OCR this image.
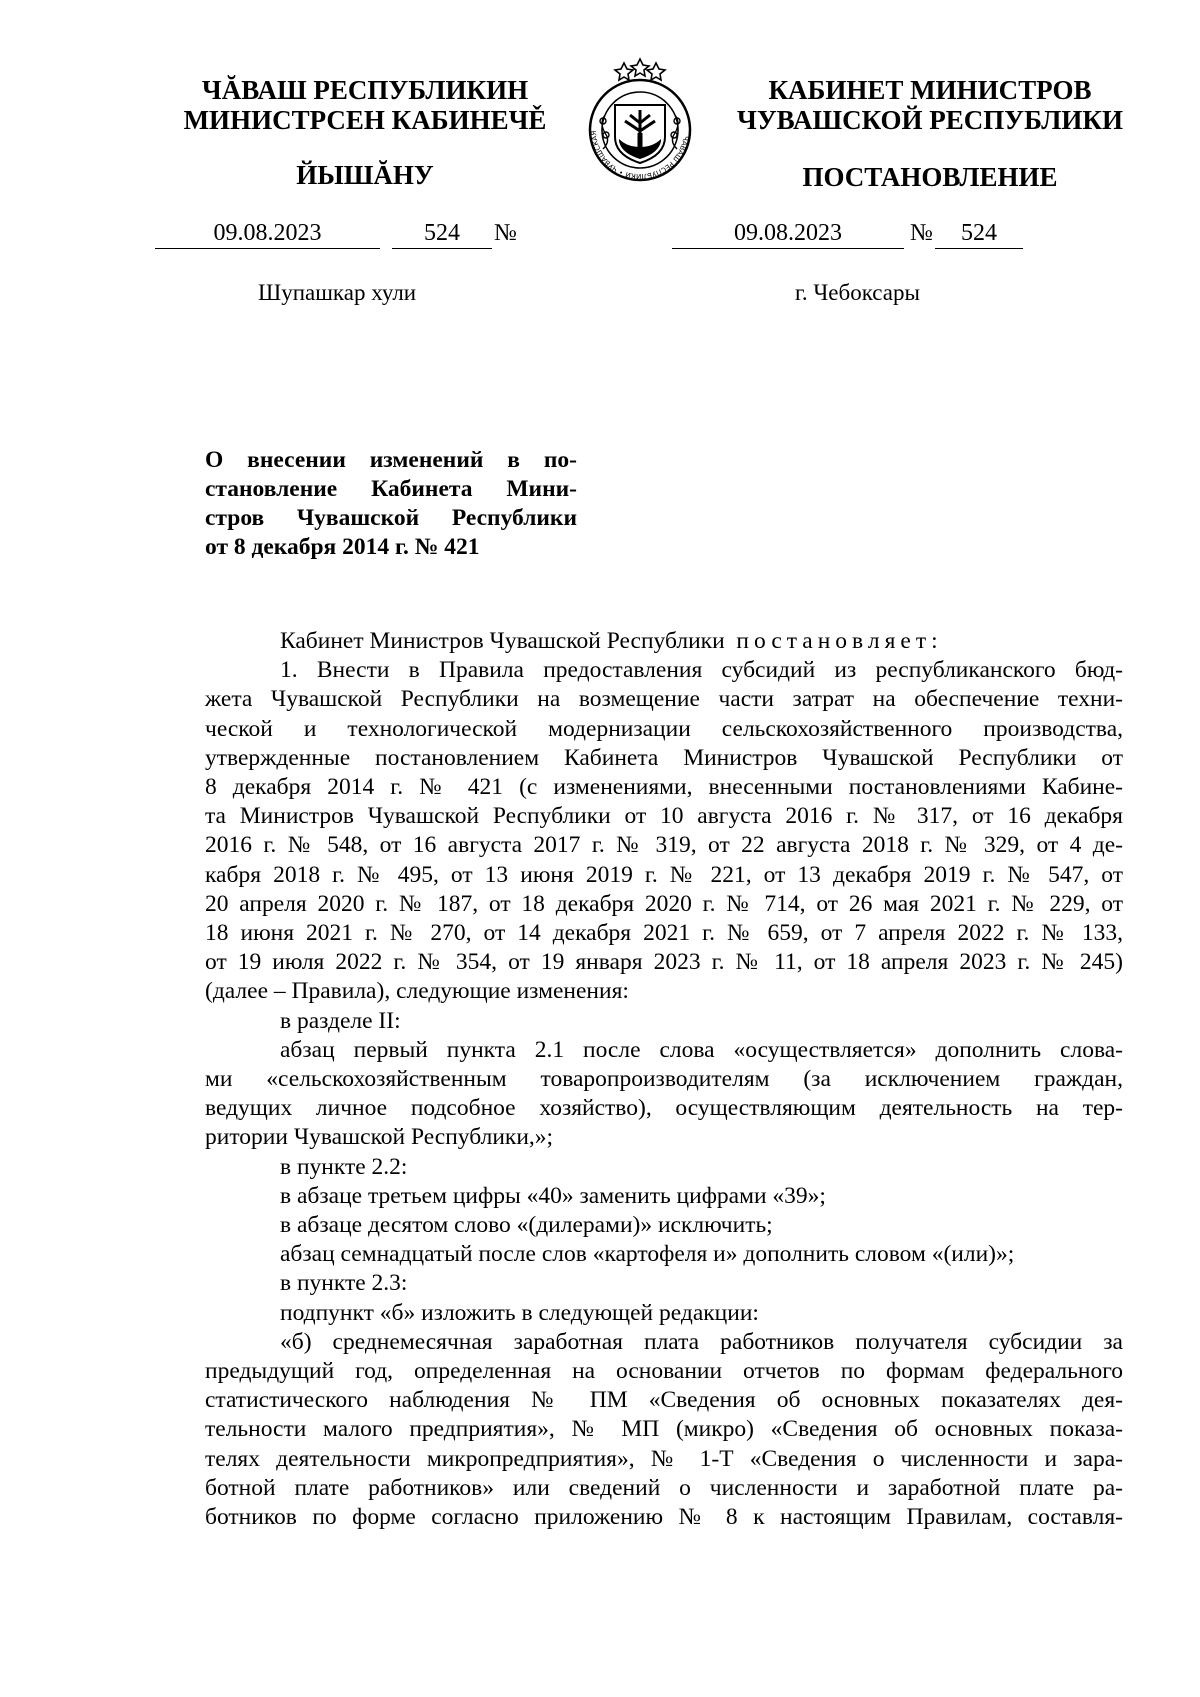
ЧĂВАШ РЕСПУБЛИКИН
МИНИСТРСЕН КАБИНЕЧĚ
ЙЫШĂНУ
КАБИНЕТ МИНИСТРОВ
ЧУВАШСКОЙ РЕСПУБЛИКИ
ПОСТАНОВЛЕНИЕ
ЧĂВАШ РЕСПУБЛИКИ • ЧУВАШСКАЯ
09.08.2023	524	№	09.08.2023	№	524
Шупашкар хули	г. Чебоксары
О внесении изменений в по-
становление Кабинета Мини-
стров Чувашской Республики
от 8 декабря 2014 г. № 421
Кабинет Министров Чувашской Республики постановляет:
1. Внести в Правила предоставления субсидий из республиканского бюд-
жета Чувашской Республики на возмещение части затрат на обеспечение техни-
ческой и технологической модернизации сельскохозяйственного производства,
утвержденные постановлением Кабинета Министров Чувашской Республики от
8 декабря 2014 г. № 421 (с изменениями, внесенными постановлениями Кабине-
та Министров Чувашской Республики от 10 августа 2016 г. № 317, от 16 декабря
2016 г. № 548, от 16 августа 2017 г. № 319, от 22 августа 2018 г. № 329, от 4 де-
кабря 2018 г. № 495, от 13 июня 2019 г. № 221, от 13 декабря 2019 г. № 547, от
20 апреля 2020 г. № 187, от 18 декабря 2020 г. № 714, от 26 мая 2021 г. № 229, от
18 июня 2021 г. № 270, от 14 декабря 2021 г. № 659, от 7 апреля 2022 г. № 133,
от 19 июля 2022 г. № 354, от 19 января 2023 г. № 11, от 18 апреля 2023 г. № 245)
(далее – Правила), следующие изменения:
в разделе II:
абзац первый пункта 2.1 после слова «осуществляется» дополнить слова-
ми «сельскохозяйственным товаропроизводителям (за исключением граждан,
ведущих личное подсобное хозяйство), осуществляющим деятельность на тер-
ритории Чувашской Республики,»;
в пункте 2.2:
в абзаце третьем цифры «40» заменить цифрами «39»;
в абзаце десятом слово «(дилерами)» исключить;
абзац семнадцатый после слов «картофеля и» дополнить словом «(или)»;
в пункте 2.3:
подпункт «б» изложить в следующей редакции:
«б) среднемесячная заработная плата работников получателя субсидии за
предыдущий год, определенная на основании отчетов по формам федерального
статистического наблюдения № ПМ «Сведения об основных показателях дея-
тельности малого предприятия», № МП (микро) «Сведения об основных показа-
телях деятельности микропредприятия», № 1-Т «Сведения о численности и зара-
ботной плате работников» или сведений о численности и заработной плате ра-
ботников по форме согласно приложению № 8 к настоящим Правилам, составля-
